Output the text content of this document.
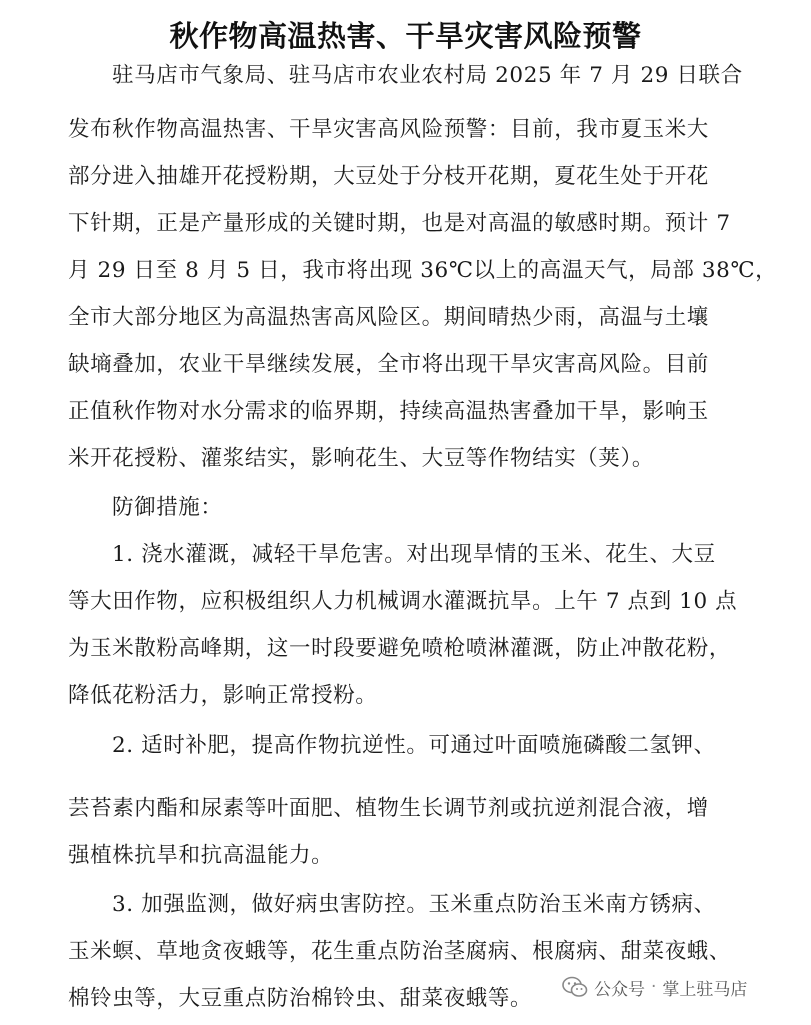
秋作物高温热害、干旱灾害风险预警

驻马店市气象局、驻马店市农业农村局 2025 年 7 月 29 日联合

发布秋作物高温热害、干旱灾害高风险预警：目前，我市夏玉米大

部分进入抽雄开花授粉期，大豆处于分枝开花期，夏花生处于开花

下针期，正是产量形成的关键时期，也是对高温的敏感时期。预计 7

月 29 日至 8 月 5 日，我市将出现 36℃以上的高温天气，局部 38℃，

全市大部分地区为高温热害高风险区。期间晴热少雨，高温与土壤

缺墒叠加，农业干旱继续发展，全市将出现干旱灾害高风险。目前

正值秋作物对水分需求的临界期，持续高温热害叠加干旱，影响玉

米开花授粉、灌浆结实，影响花生、大豆等作物结实（荚）。

防御措施：

1. 浇水灌溉，减轻干旱危害。对出现旱情的玉米、花生、大豆

等大田作物，应积极组织人力机械调水灌溉抗旱。上午 7 点到 10 点

为玉米散粉高峰期，这一时段要避免喷枪喷淋灌溉，防止冲散花粉，

降低花粉活力，影响正常授粉。

2. 适时补肥，提高作物抗逆性。可通过叶面喷施磷酸二氢钾、

芸苔素内酯和尿素等叶面肥、植物生长调节剂或抗逆剂混合液，增

强植株抗旱和抗高温能力。

3. 加强监测，做好病虫害防控。玉米重点防治玉米南方锈病、

玉米螟、草地贪夜蛾等，花生重点防治茎腐病、根腐病、甜菜夜蛾、

棉铃虫等，大豆重点防治棉铃虫、甜菜夜蛾等。	公众号 · 掌上驻马店
